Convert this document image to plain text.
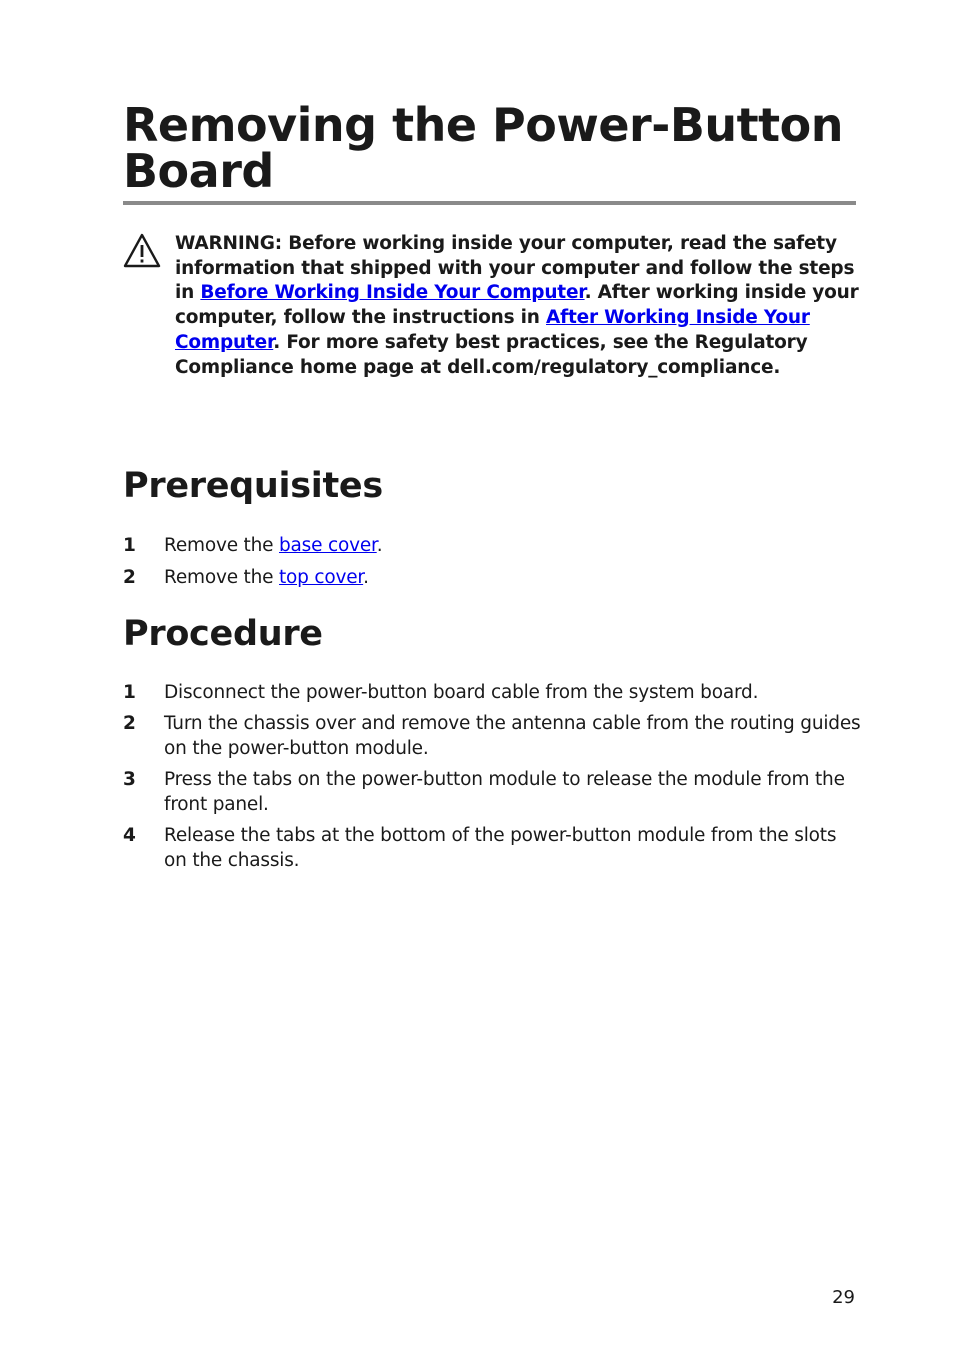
Removing the Power-Button Board

WARNING: Before working inside your computer, read the safety information that shipped with your computer and follow the steps in Before Working Inside Your Computer. After working inside your computer, follow the instructions in After Working Inside Your Computer. For more safety best practices, see the Regulatory Compliance home page at dell.com/regulatory_compliance.

Prerequisites
1 Remove the base cover.
2 Remove the top cover.
Procedure
1 Disconnect the power-button board cable from the system board.
2 Turn the chassis over and remove the antenna cable from the routing guides on the power-button module.
3 Press the tabs on the power-button module to release the module from the front panel.
4 Release the tabs at the bottom of the power-button module from the slots on the chassis.
29
